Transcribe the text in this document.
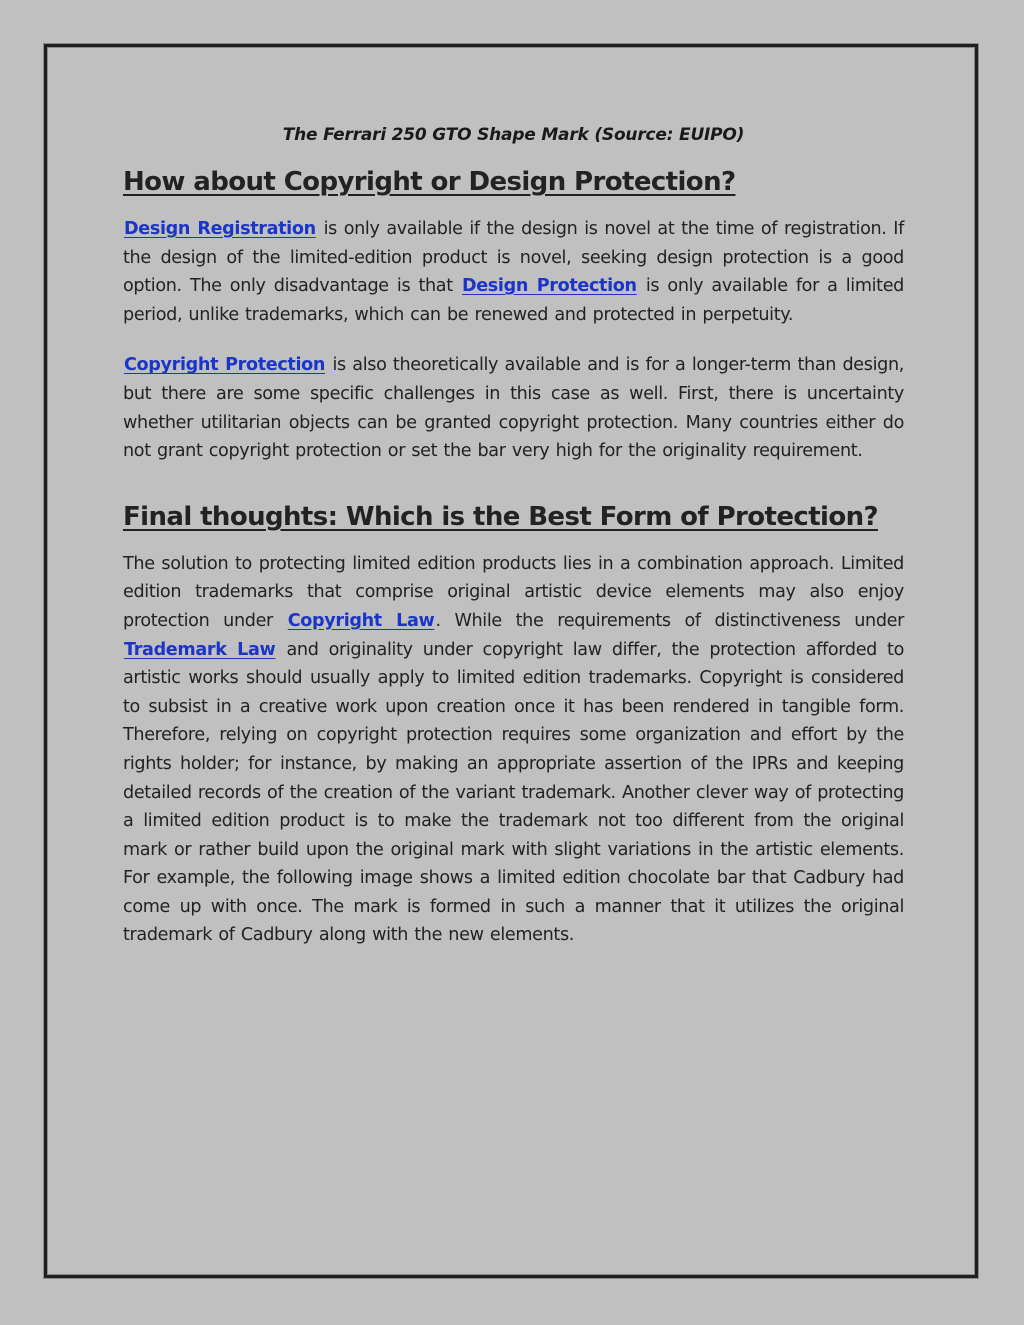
The Ferrari 250 GTO Shape Mark (Source: EUIPO)
How about Copyright or Design Protection?

Design Registration is only available if the design is novel at the time of registration. If the design of the limited-edition product is novel, seeking design protection is a good option. The only disadvantage is that Design Protection is only available for a limited period, unlike trademarks, which can be renewed and protected in perpetuity.

Copyright Protection is also theoretically available and is for a longer-term than design, but there are some specific challenges in this case as well. First, there is uncertainty whether utilitarian objects can be granted copyright protection. Many countries either do not grant copyright protection or set the bar very high for the originality requirement.

Final thoughts: Which is the Best Form of Protection?

The solution to protecting limited edition products lies in a combination approach. Limited edition trademarks that comprise original artistic device elements may also enjoy protection under Copyright Law. While the requirements of distinctiveness under Trademark Law and originality under copyright law differ, the protection afforded to artistic works should usually apply to limited edition trademarks. Copyright is considered to subsist in a creative work upon creation once it has been rendered in tangible form. Therefore, relying on copyright protection requires some organization and effort by the rights holder; for instance, by making an appropriate assertion of the IPRs and keeping detailed records of the creation of the variant trademark. Another clever way of protecting a limited edition product is to make the trademark not too different from the original mark or rather build upon the original mark with slight variations in the artistic elements. For example, the following image shows a limited edition chocolate bar that Cadbury had come up with once. The mark is formed in such a manner that it utilizes the original trademark of Cadbury along with the new elements.
